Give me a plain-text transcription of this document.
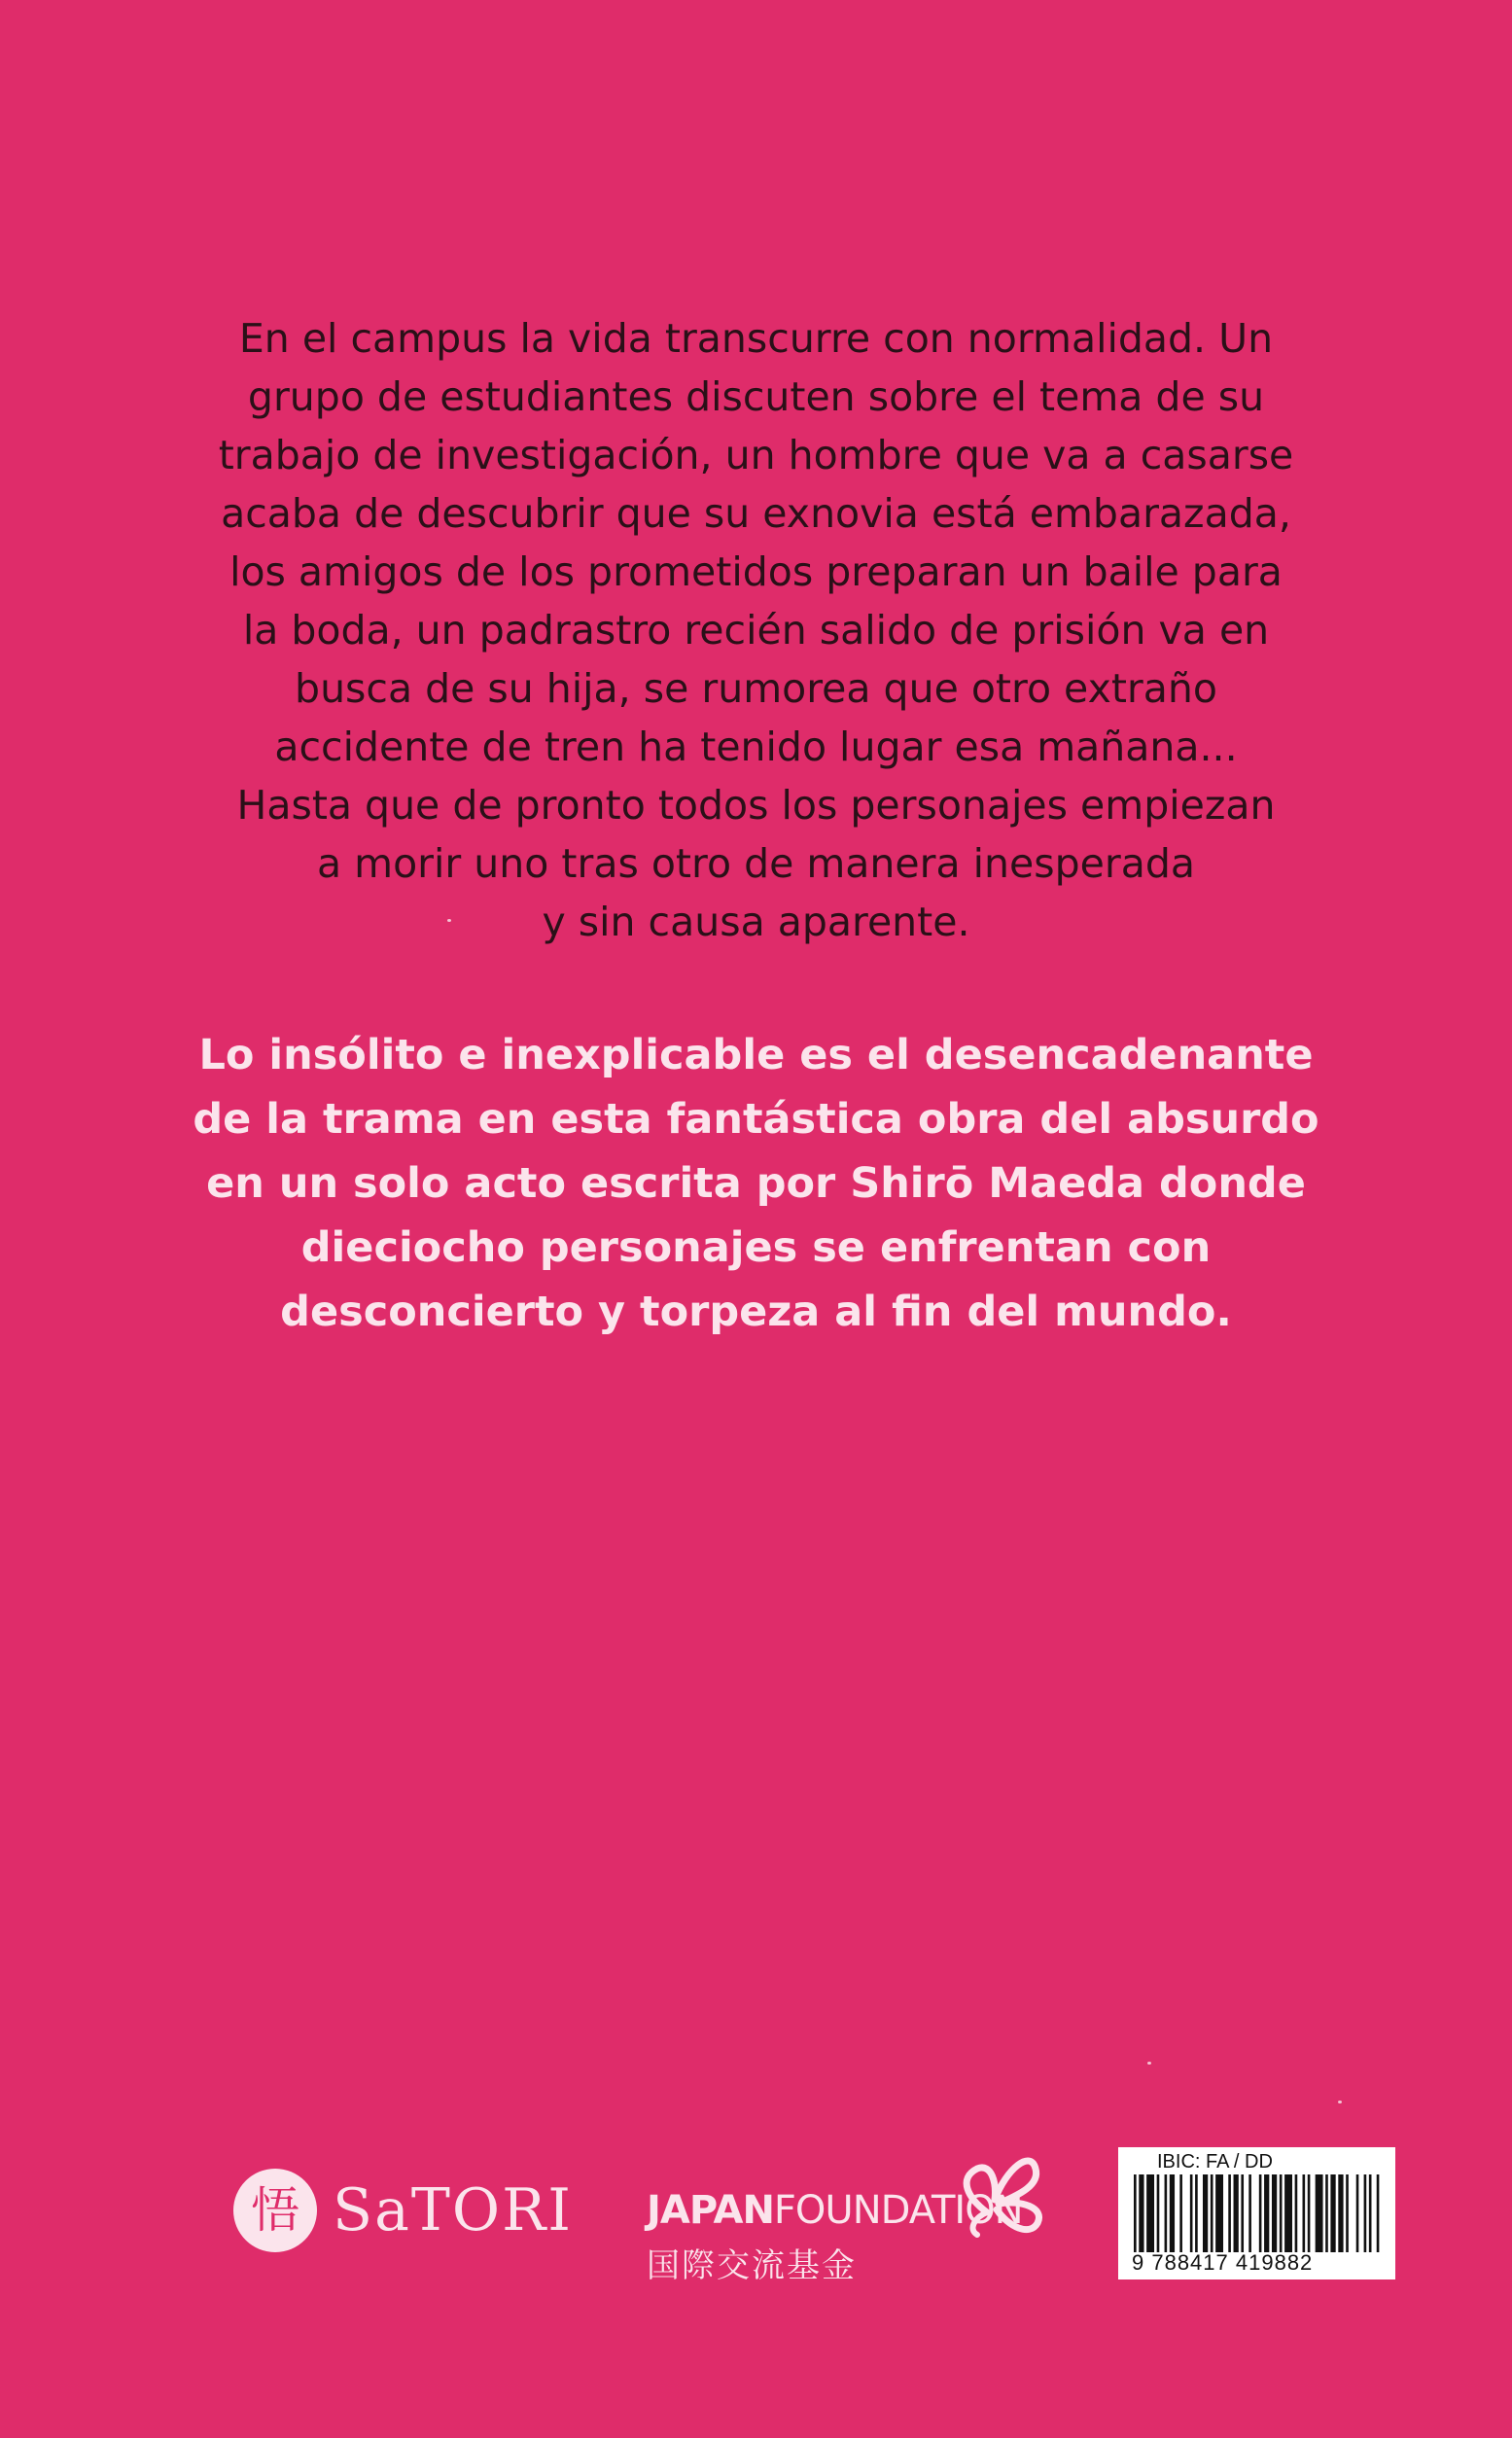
En el campus la vida transcurre con normalidad. Un
grupo de estudiantes discuten sobre el tema de su
trabajo de investigación, un hombre que va a casarse
acaba de descubrir que su exnovia está embarazada,
los amigos de los prometidos preparan un baile para
la boda, un padrastro recién salido de prisión va en
busca de su hija, se rumorea que otro extraño
accidente de tren ha tenido lugar esa mañana...
Hasta que de pronto todos los personajes empiezan
a morir uno tras otro de manera inesperada
y sin causa aparente.
Lo insólito e inexplicable es el desencadenante
de la trama en esta fantástica obra del absurdo
en un solo acto escrita por Shirō Maeda donde
dieciocho personajes se enfrentan con
desconcierto y torpeza al fin del mundo.
悟 SaTORI JAPANFOUNDATION
国際交流基金
IBIC: FA / DD
9 788417 419882
